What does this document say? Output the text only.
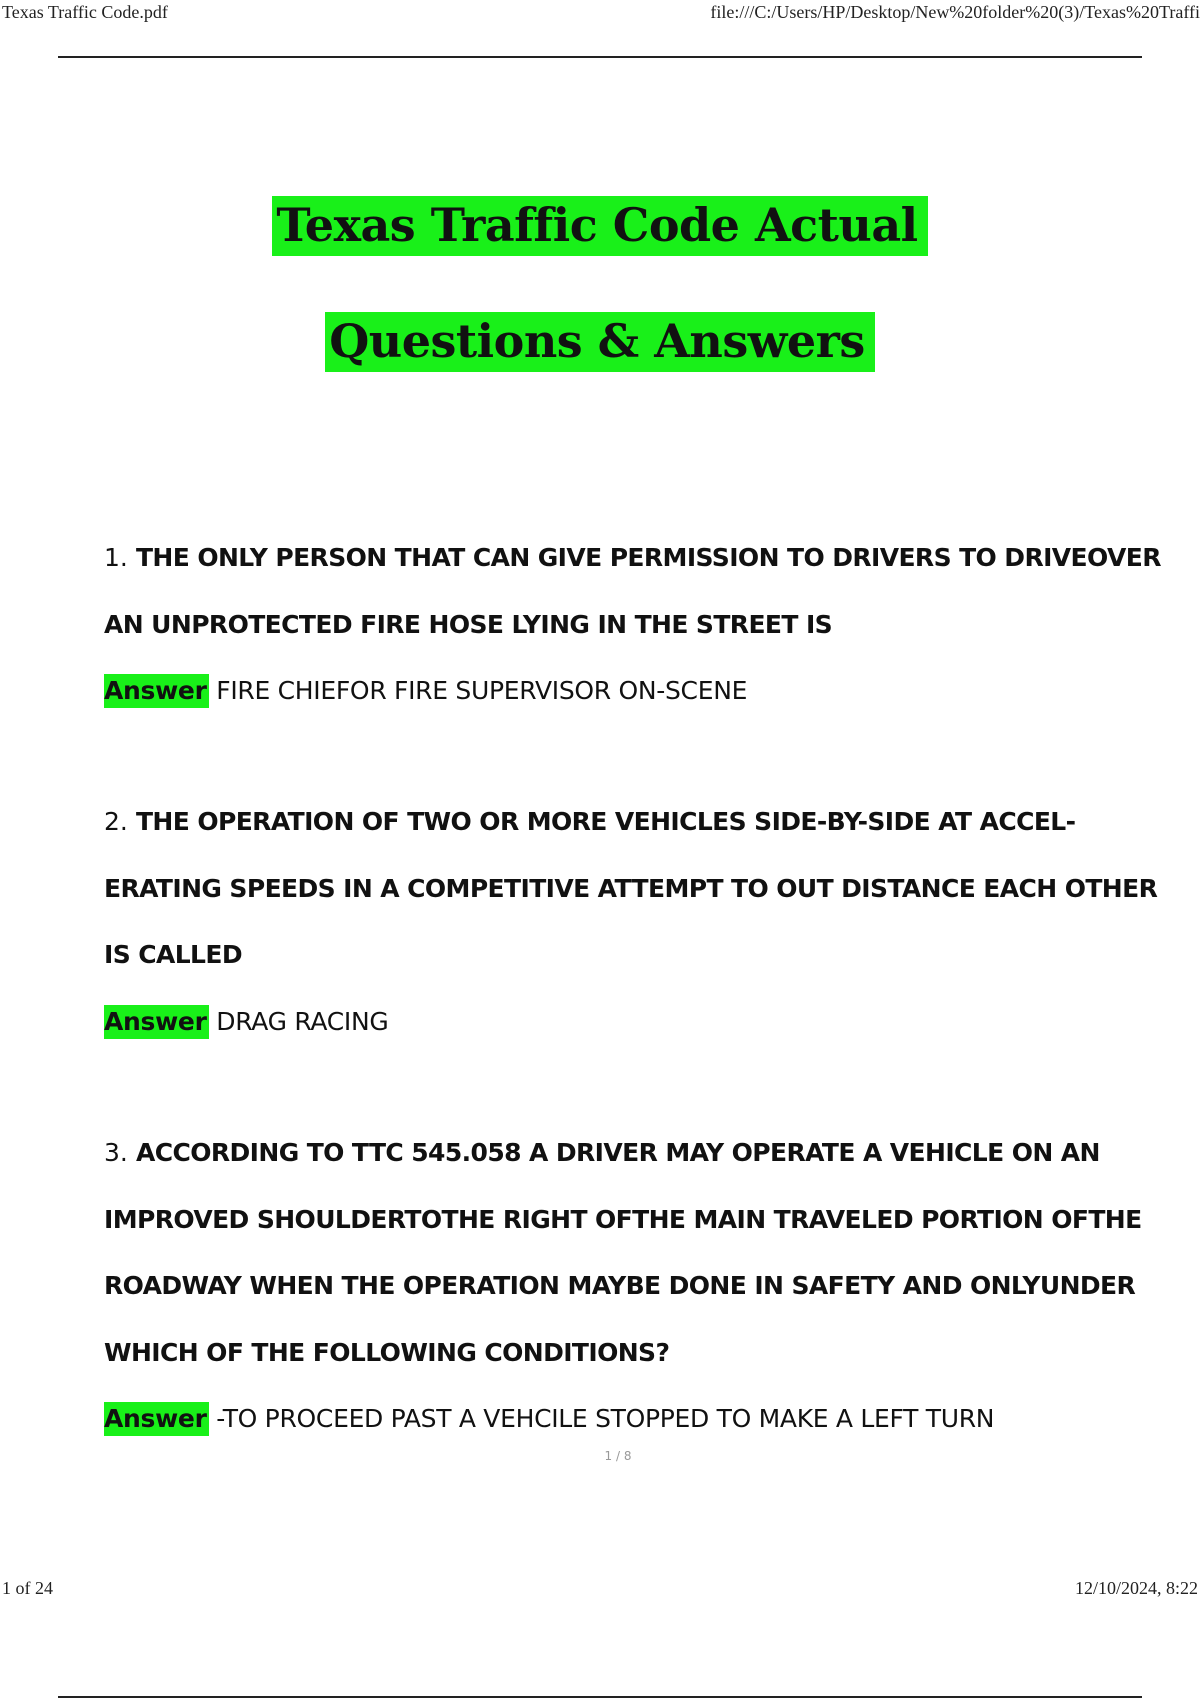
Texas Traffic Code.pdf	file:///C:/Users/HP/Desktop/New%20folder%20(3)/Texas%20Traffi
Texas Traffic Code Actual
Questions & Answers
1. THE ONLY PERSON THAT CAN GIVE PERMISSION TO DRIVERS TO DRIVEOVER
AN UNPROTECTED FIRE HOSE LYING IN THE STREET IS
Answer FIRE CHIEFOR FIRE SUPERVISOR ON-SCENE
2. THE OPERATION OF TWO OR MORE VEHICLES SIDE-BY-SIDE AT ACCEL-
ERATING SPEEDS IN A COMPETITIVE ATTEMPT TO OUT DISTANCE EACH OTHER
IS CALLED
Answer DRAG RACING
3. ACCORDING TO TTC 545.058 A DRIVER MAY OPERATE A VEHICLE ON AN
IMPROVED SHOULDERTOTHE RIGHT OFTHE MAIN TRAVELED PORTION OFTHE
ROADWAY WHEN THE OPERATION MAYBE DONE IN SAFETY AND ONLYUNDER
WHICH OF THE FOLLOWING CONDITIONS?
Answer -TO PROCEED PAST A VEHCILE STOPPED TO MAKE A LEFT TURN
1 / 8
1 of 24	12/10/2024, 8:22
